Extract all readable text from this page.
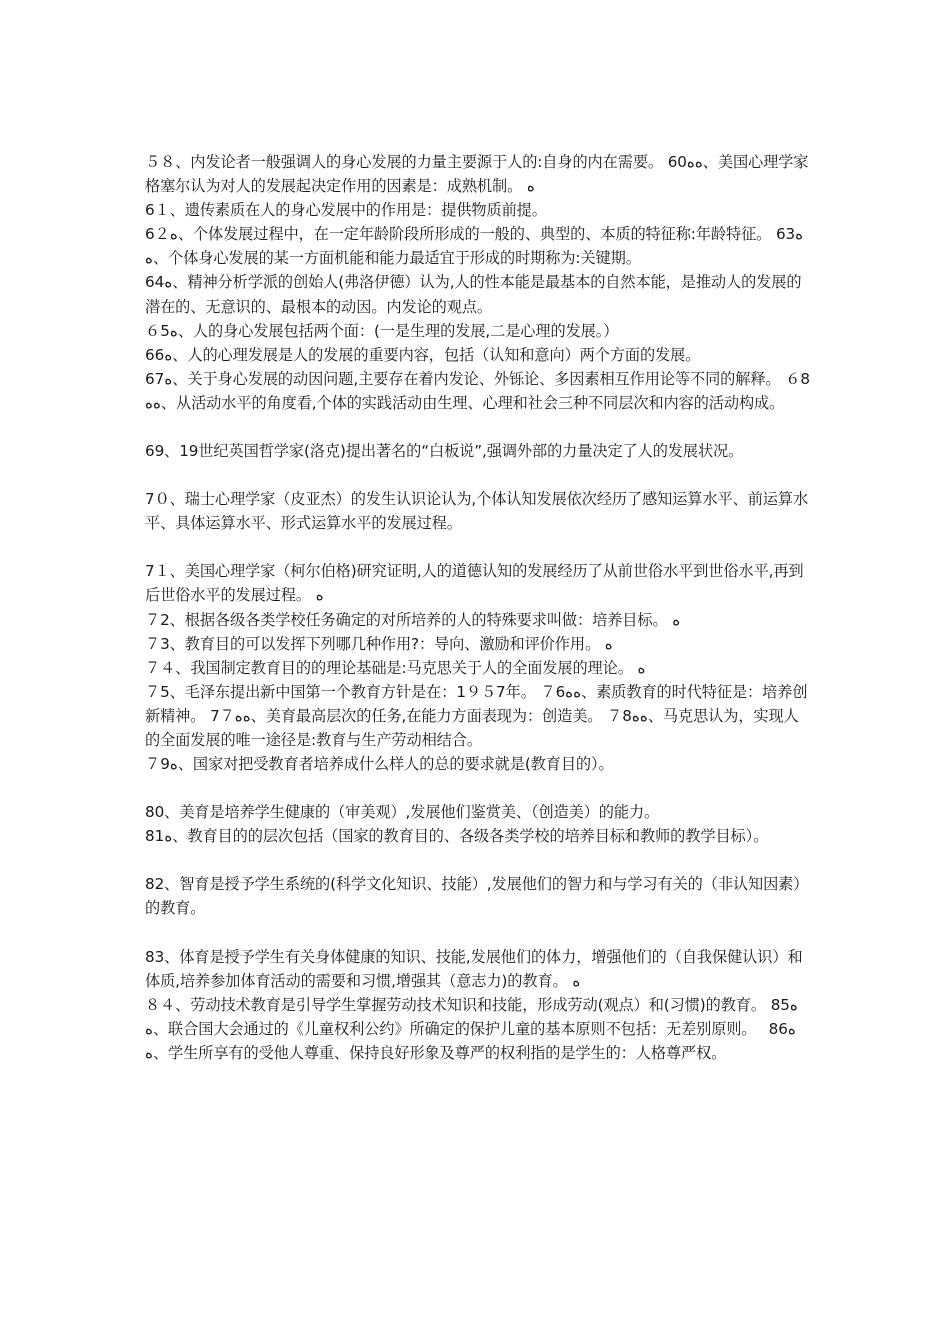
５８、内发论者一般强调人的身心发展的力量主要源于人的:自身的内在需要。 60ﻩﻩ、美国心理学家格塞尔认为对人的发展起决定作用的因素是：成熟机制。 ﻩ

6１、遗传素质在人的身心发展中的作用是：提供物质前提。

6２ﻩ、个体发展过程中，在一定年龄阶段所形成的一般的、典型的、本质的特征称:年龄特征。 63ﻩﻩ、个体身心发展的某一方面机能和能力最适宜于形成的时期称为:关键期。

64ﻩ、精神分析学派的创始人(弗洛伊德）认为,人的性本能是最基本的自然本能，是推动人的发展的潜在的、无意识的、最根本的动因。内发论的观点。

６5ﻩ、人的身心发展包括两个面：(一是生理的发展,二是心理的发展。）

66ﻩ、人的心理发展是人的发展的重要内容，包括（认知和意向）两个方面的发展。

67ﻩ、关于身心发展的动因问题,主要存在着内发论、外铄论、多因素相互作用论等不同的解释。 ６8ﻩﻩ、从活动水平的角度看,个体的实践活动由生理、心理和社会三种不同层次和内容的活动构成。

69、19世纪英国哲学家(洛克)提出著名的“白板说”,强调外部的力量决定了人的发展状况。

7０、瑞士心理学家（皮亚杰）的发生认识论认为,个体认知发展依次经历了感知运算水平、前运算水平、具体运算水平、形式运算水平的发展过程。

7１、美国心理学家（柯尔伯格)研究证明,人的道德认知的发展经历了从前世俗水平到世俗水平,再到后世俗水平的发展过程。 ﻩ

７2、根据各级各类学校任务确定的对所培养的人的特殊要求叫做：培养目标。 ﻩ

７3、教育目的可以发挥下列哪几种作用?：导向、激励和评价作用。 ﻩ

７４、我国制定教育目的的理论基础是:马克思关于人的全面发展的理论。 ﻩ

７5、毛泽东提出新中国第一个教育方针是在：1９５7年。 ７6ﻩﻩ、素质教育的时代特征是：培养创新精神。 7７ﻩﻩ、美育最高层次的任务,在能力方面表现为：创造美。 ７ﻩﻩ8、马克思认为，实现人的全面发展的唯一途径是:教育与生产劳动相结合。

７9ﻩ、国家对把受教育者培养成什么样人的总的要求就是(教育目的）。

80、美育是培养学生健康的（审美观）,发展他们鉴赏美、（创造美）的能力。

81ﻩ、教育目的的层次包括（国家的教育目的、各级各类学校的培养目标和教师的教学目标）。

82、智育是授予学生系统的(科学文化知识、技能）,发展他们的智力和与学习有关的（非认知因素）的教育。

83、体育是授予学生有关身体健康的知识、技能,发展他们的体力，增强他们的（自我保健认识）和体质,培养参加体育活动的需要和习惯,增强其（意志力)的教育。 ﻩ

８４、劳动技术教育是引导学生掌握劳动技术知识和技能，形成劳动(观点）和(习惯)的教育。 85ﻩﻩ、联合国大会通过的《儿童权利公约》所确定的保护儿童的基本原则不包括：无差别原则。　 86ﻩﻩ、学生所享有的受他人尊重、保持良好形象及尊严的权利指的是学生的：人格尊严权。
